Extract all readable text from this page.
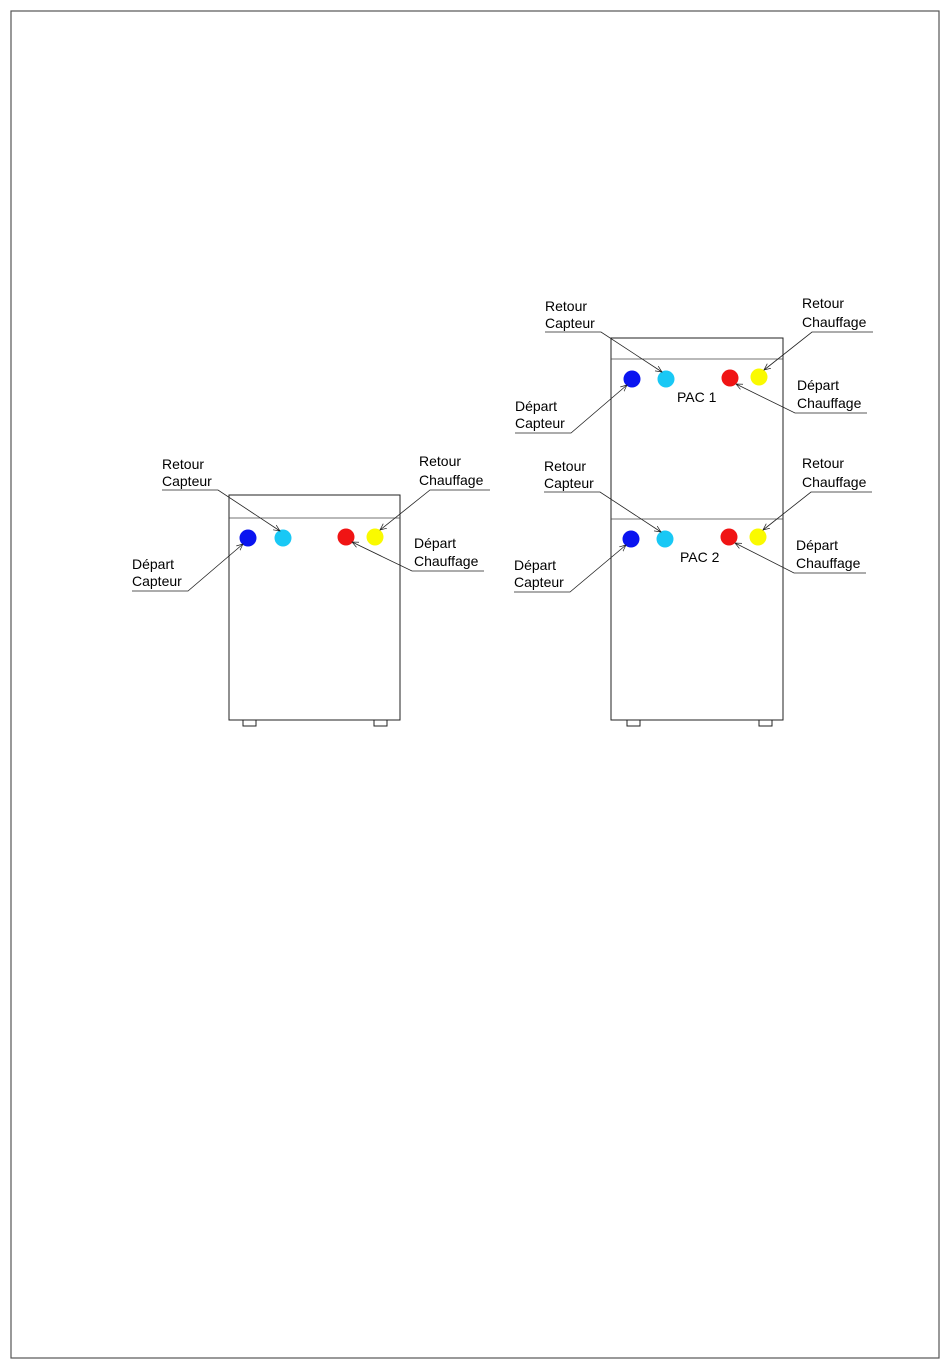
Retour
Capteur
Départ
Capteur
Retour
Chauffage
Départ
Chauffage
PAC 1
Retour
Capteur
Départ
Capteur
Retour
Chauffage
Départ
Chauffage
PAC 2
Retour
Capteur
Départ
Capteur
Retour
Chauffage
Départ
Chauffage
